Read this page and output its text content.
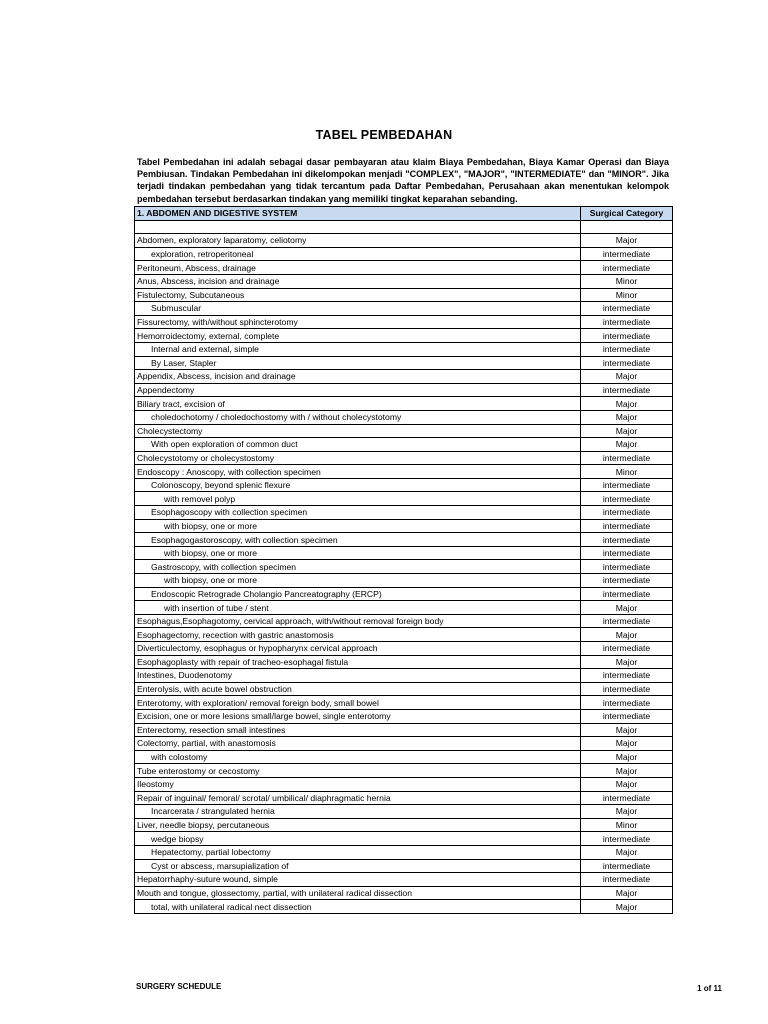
TABEL PEMBEDAHAN
Tabel Pembedahan ini adalah sebagai dasar pembayaran atau klaim Biaya Pembedahan, Biaya Kamar Operasi dan Biaya Pembiusan. Tindakan Pembedahan ini dikelompokan menjadi "COMPLEX", "MAJOR", "INTERMEDIATE" dan "MINOR". Jika terjadi tindakan pembedahan yang tidak tercantum pada Daftar Pembedahan, Perusahaan akan menentukan kelompok pembedahan tersebut berdasarkan tindakan yang memiliki tingkat keparahan sebanding.
1. ABDOMEN AND DIGESTIVE SYSTEM	Surgical Category

Abdomen, exploratory laparatomy, celiotomy	Major
exploration, retroperitoneal	intermediate
Peritoneum, Abscess, drainage	intermediate
Anus, Abscess, incision and drainage	Minor
Fistulectomy, Subcutaneous	Minor
Submuscular	intermediate
Fissurectomy, with/without sphincterotomy	intermediate
Hemorroidectomy, external, complete	intermediate
Internal and external, simple	intermediate
By Laser, Stapler	intermediate
Appendix, Abscess, incision and drainage	Major
Appendectomy	intermediate
Biliary tract, excision of	Major
choledochotomy / choledochostomy with / without cholecystotomy	Major
Cholecystectomy	Major
With open exploration of common duct	Major
Cholecystotomy or cholecystostomy	intermediate
Endoscopy : Anoscopy, with collection specimen	Minor
Colonoscopy, beyond splenic flexure	intermediate
with removel polyp	intermediate
Esophagoscopy with collection specimen	intermediate
with biopsy, one or more	intermediate
Esophagogastoroscopy, with collection specimen	intermediate
with biopsy, one or more	intermediate
Gastroscopy, with collection specimen	intermediate
with biopsy, one or more	intermediate
Endoscopic Retrograde Cholangio Pancreatography (ERCP)	intermediate
with insertion of tube / stent	Major
Esophagus,Esophagotomy, cervical approach, with/without removal foreign body	intermediate
Esophagectomy, recection with gastric anastomosis	Major
Diverticulectomy, esophagus or hypopharynx cervical approach	intermediate
Esophagoplasty with repair of tracheo-esophagal fistula	Major
Intestines, Duodenotomy	intermediate
Enterolysis, with acute bowel obstruction	intermediate
Enterotomy, with exploration/ removal foreign body, small bowel	intermediate
Excision, one or more lesions small/large bowel, single enterotomy	intermediate
Enterectomy, resection small intestines	Major
Colectomy, partial, with anastomosis	Major
with colostomy	Major
Tube enterostomy or cecostomy	Major
Ileostomy	Major
Repair of inguinal/ femoral/ scrotal/ umbilical/ diaphragmatic hernia	intermediate
Incarcerata / strangulated hernia	Major
Liver, needle biopsy, percutaneous	Minor
wedge biopsy	intermediate
Hepatectomy, partial lobectomy	Major
Cyst or abscess, marsupialization of	intermediate
Hepatorrhaphy-suture wound, simple	intermediate
Mouth and tongue, glossectomy, partial, with unilateral radical dissection	Major
total, with unilateral radical nect dissection	Major
SURGERY SCHEDULE	1 of 11
